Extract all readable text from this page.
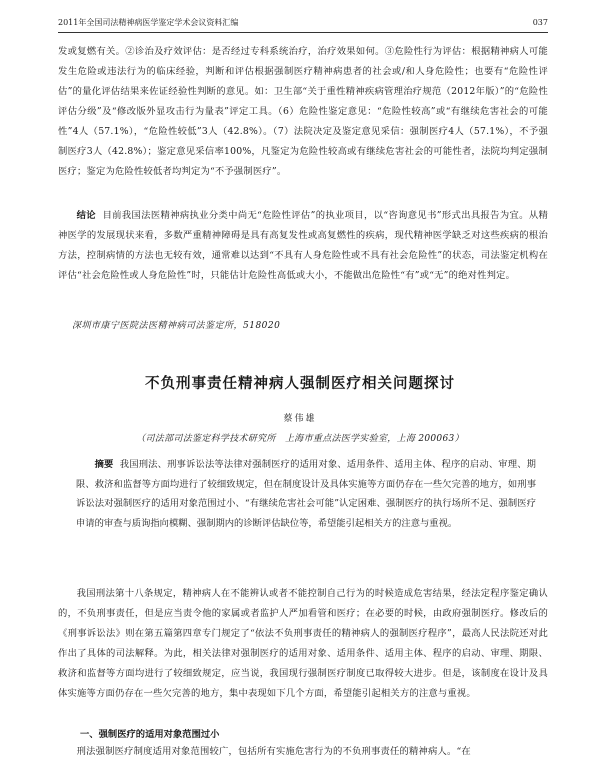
2011年全国司法精神病医学鉴定学术会议资料汇编	037
发或复燃有关。②诊治及疗效评估：是否经过专科系统治疗，治疗效果如何。③危险性行为评估：根据精神病人可能发生危险或违法行为的临床经验，判断和评估根据强制医疗精神病患者的社会或/和人身危险性；也要有“危险性评估”的量化评估结果来佐证经验性判断的意见。如：卫生部“关于重性精神疾病管理治疗规范（2012年版）”的“危险性评估分级”及“修改版外显攻击行为量表”评定工具。（6）危险性鉴定意见：“危险性较高”或“有继续危害社会的可能性”4人（57.1%），“危险性较低”3人（42.8%）。（7）法院决定及鉴定意见采信：强制医疗4人（57.1%），不予强制医疗3人（42.8%）；鉴定意见采信率100%，凡鉴定为危险性较高或有继续危害社会的可能性者，法院均判定强制医疗；鉴定为危险性较低者均判定为“不予强制医疗”。
结论 目前我国法医精神病执业分类中尚无“危险性评估”的执业项目，以“咨询意见书”形式出具报告为宜。从精神医学的发展现状来看，多数严重精神障碍是具有高复发性或高复燃性的疾病，现代精神医学缺乏对这些疾病的根治方法，控制病情的方法也无较有效，通常难以达到“不具有人身危险性或不具有社会危险性”的状态，司法鉴定机构在评估“社会危险性或人身危险性”时，只能估计危险性高低或大小，不能做出危险性“有”或“无”的绝对性判定。
深圳市康宁医院法医精神病司法鉴定所，518020
不负刑事责任精神病人强制医疗相关问题探讨
蔡伟雄
（司法部司法鉴定科学技术研究所　上海市重点法医学实验室，上海 200063）
摘要 我国刑法、刑事诉讼法等法律对强制医疗的适用对象、适用条件、适用主体、程序的启动、审理、期限、救济和监督等方面均进行了较细致规定，但在制度设计及具体实施等方面仍存在一些欠完善的地方，如刑事诉讼法对强制医疗的适用对象范围过小、“有继续危害社会可能”认定困难、强制医疗的执行场所不足、强制医疗申请的审查与质询指向模糊、强制期内的诊断评估缺位等，希望能引起相关方的注意与重视。
我国刑法第十八条规定，精神病人在不能辨认或者不能控制自己行为的时候造成危害结果，经法定程序鉴定确认的，不负刑事责任，但是应当责令他的家属或者监护人严加看管和医疗；在必要的时候，由政府强制医疗。修改后的《刑事诉讼法》则在第五篇第四章专门规定了“依法不负刑事责任的精神病人的强制医疗程序”，最高人民法院还对此作出了具体的司法解释。为此，相关法律对强制医疗的适用对象、适用条件、适用主体、程序的启动、审理、期限、救济和监督等方面均进行了较细致规定，应当说，我国现行强制医疗制度已取得较大进步。但是，该制度在设计及具体实施等方面仍存在一些欠完善的地方，集中表现如下几个方面，希望能引起相关方的注意与重视。
一、强制医疗的适用对象范围过小
刑法强制医疗制度适用对象范围较广，包括所有实施危害行为的不负刑事责任的精神病人。“在
